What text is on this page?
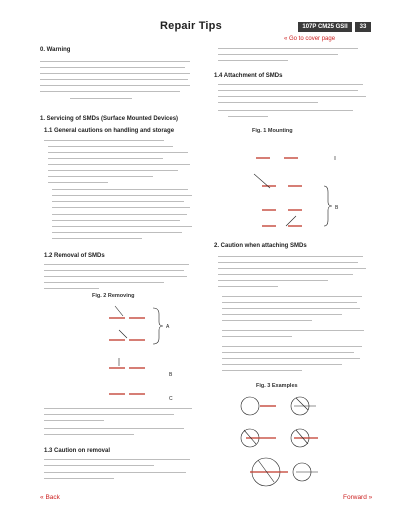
Repair Tips	107P CM25 GSII	33
« Go to cover page
0. Warning
1. Servicing of SMDs (Surface Mounted Devices)
1.1 General cautions on handling and storage
1.2 Removal of SMDs
Fig. 2 Removing
A
B
C
1.3 Caution on removal
1.4 Attachment of SMDs
Fig. 1 Mounting
B
2. Caution when attaching SMDs
Fig. 3 Examples
« Back	Forward »
